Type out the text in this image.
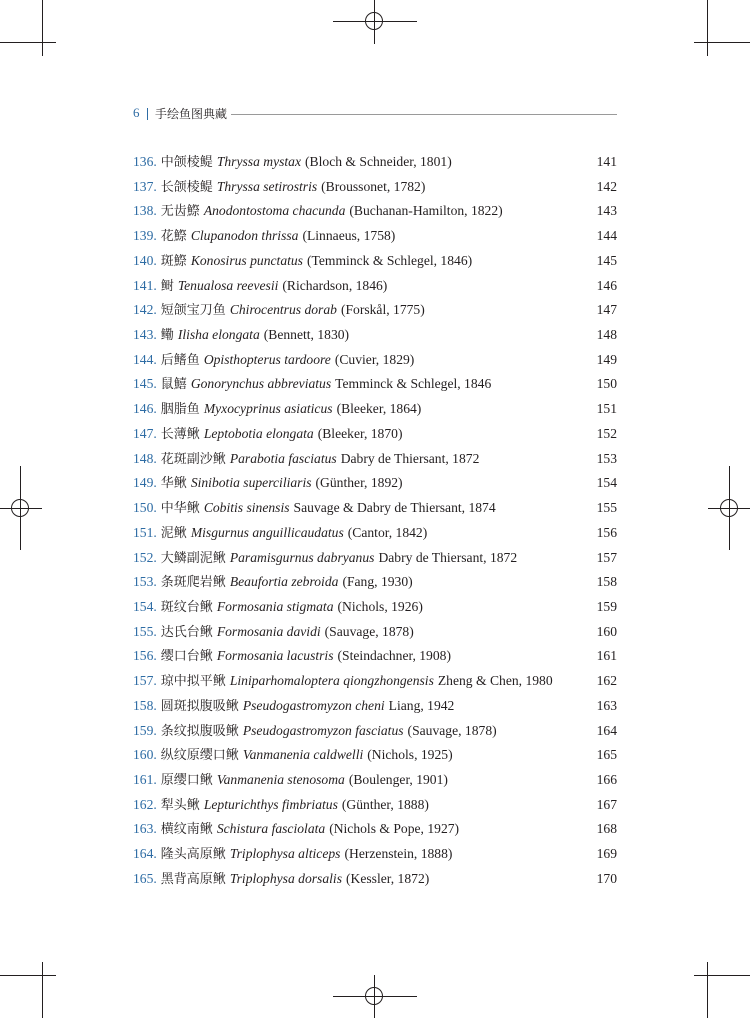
6 手绘鱼图典藏
136. 中颌棱鳀 Thryssa mystax (Bloch & Schneider, 1801)	141
137. 长颌棱鳀 Thryssa setirostris (Broussonet, 1782)	142
138. 无齿鰶 Anodontostoma chacunda (Buchanan-Hamilton, 1822)	143
139. 花鰶 Clupanodon thrissa (Linnaeus, 1758)	144
140. 斑鰶 Konosirus punctatus (Temminck & Schlegel, 1846)	145
141. 鲥 Tenualosa reevesii (Richardson, 1846)	146
142. 短颌宝刀鱼 Chirocentrus dorab (Forskål, 1775)	147
143. 鳓 Ilisha elongata (Bennett, 1830)	148
144. 后鳍鱼 Opisthopterus tardoore (Cuvier, 1829)	149
145. 鼠鱚 Gonorynchus abbreviatus Temminck & Schlegel, 1846	150
146. 胭脂鱼 Myxocyprinus asiaticus (Bleeker, 1864)	151
147. 长薄鳅 Leptobotia elongata (Bleeker, 1870)	152
148. 花斑副沙鳅 Parabotia fasciatus Dabry de Thiersant, 1872	153
149. 华鳅 Sinibotia superciliaris (Günther, 1892)	154
150. 中华鳅 Cobitis sinensis Sauvage & Dabry de Thiersant, 1874	155
151. 泥鳅 Misgurnus anguillicaudatus (Cantor, 1842)	156
152. 大鳞副泥鳅 Paramisgurnus dabryanus Dabry de Thiersant, 1872	157
153. 条斑爬岩鳅 Beaufortia zebroida (Fang, 1930)	158
154. 斑纹台鳅 Formosania stigmata (Nichols, 1926)	159
155. 达氏台鳅 Formosania davidi (Sauvage, 1878)	160
156. 缨口台鳅 Formosania lacustris (Steindachner, 1908)	161
157. 琼中拟平鳅 Liniparhomaloptera qiongzhongensis Zheng & Chen, 1980	162
158. 圆斑拟腹吸鳅 Pseudogastromyzon cheni Liang, 1942	163
159. 条纹拟腹吸鳅 Pseudogastromyzon fasciatus (Sauvage, 1878)	164
160. 纵纹原缨口鳅 Vanmanenia caldwelli (Nichols, 1925)	165
161. 原缨口鳅 Vanmanenia stenosoma (Boulenger, 1901)	166
162. 犁头鳅 Lepturichthys fimbriatus (Günther, 1888)	167
163. 横纹南鳅 Schistura fasciolata (Nichols & Pope, 1927)	168
164. 隆头高原鳅 Triplophysa alticeps (Herzenstein, 1888)	169
165. 黑背高原鳅 Triplophysa dorsalis (Kessler, 1872)	170
